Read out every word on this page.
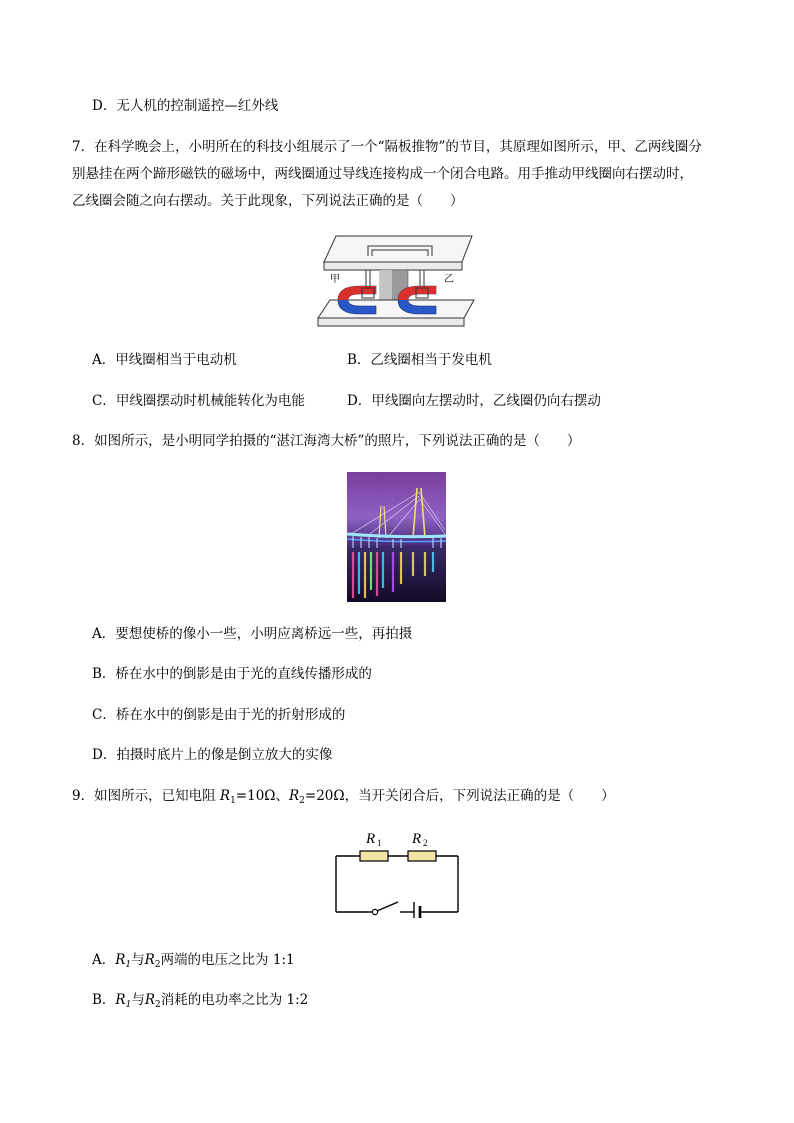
D．无人机的控制遥控—红外线
7．在科学晚会上，小明所在的科技小组展示了一个“隔板推物”的节目，其原理如图所示，甲、乙两线圈分
别悬挂在两个蹄形磁铁的磁场中，两线圈通过导线连接构成一个闭合电路。用手推动甲线圈向右摆动时，
乙线圈会随之向右摆动。关于此现象，下列说法正确的是（　　）
甲	乙
A．甲线圈相当于电动机	B．乙线圈相当于发电机
C．甲线圈摆动时机械能转化为电能	D．甲线圈向左摆动时，乙线圈仍向右摆动
8．如图所示，是小明同学拍摄的“湛江海湾大桥”的照片，下列说法正确的是（　　）
A．要想使桥的像小一些，小明应离桥远一些，再拍摄
B．桥在水中的倒影是由于光的直线传播形成的
C．桥在水中的倒影是由于光的折射形成的
D．拍摄时底片上的像是倒立放大的实像
9．如图所示，已知电阻 $R_1=10\Omega$、$R_2=20\Omega$，当开关闭合后，下列说法正确的是（　　）
R 1 R 2
A．$R_1$与$R_2$两端的电压之比为 1:1
B．$R_1$与$R_2$消耗的电功率之比为 1:2
